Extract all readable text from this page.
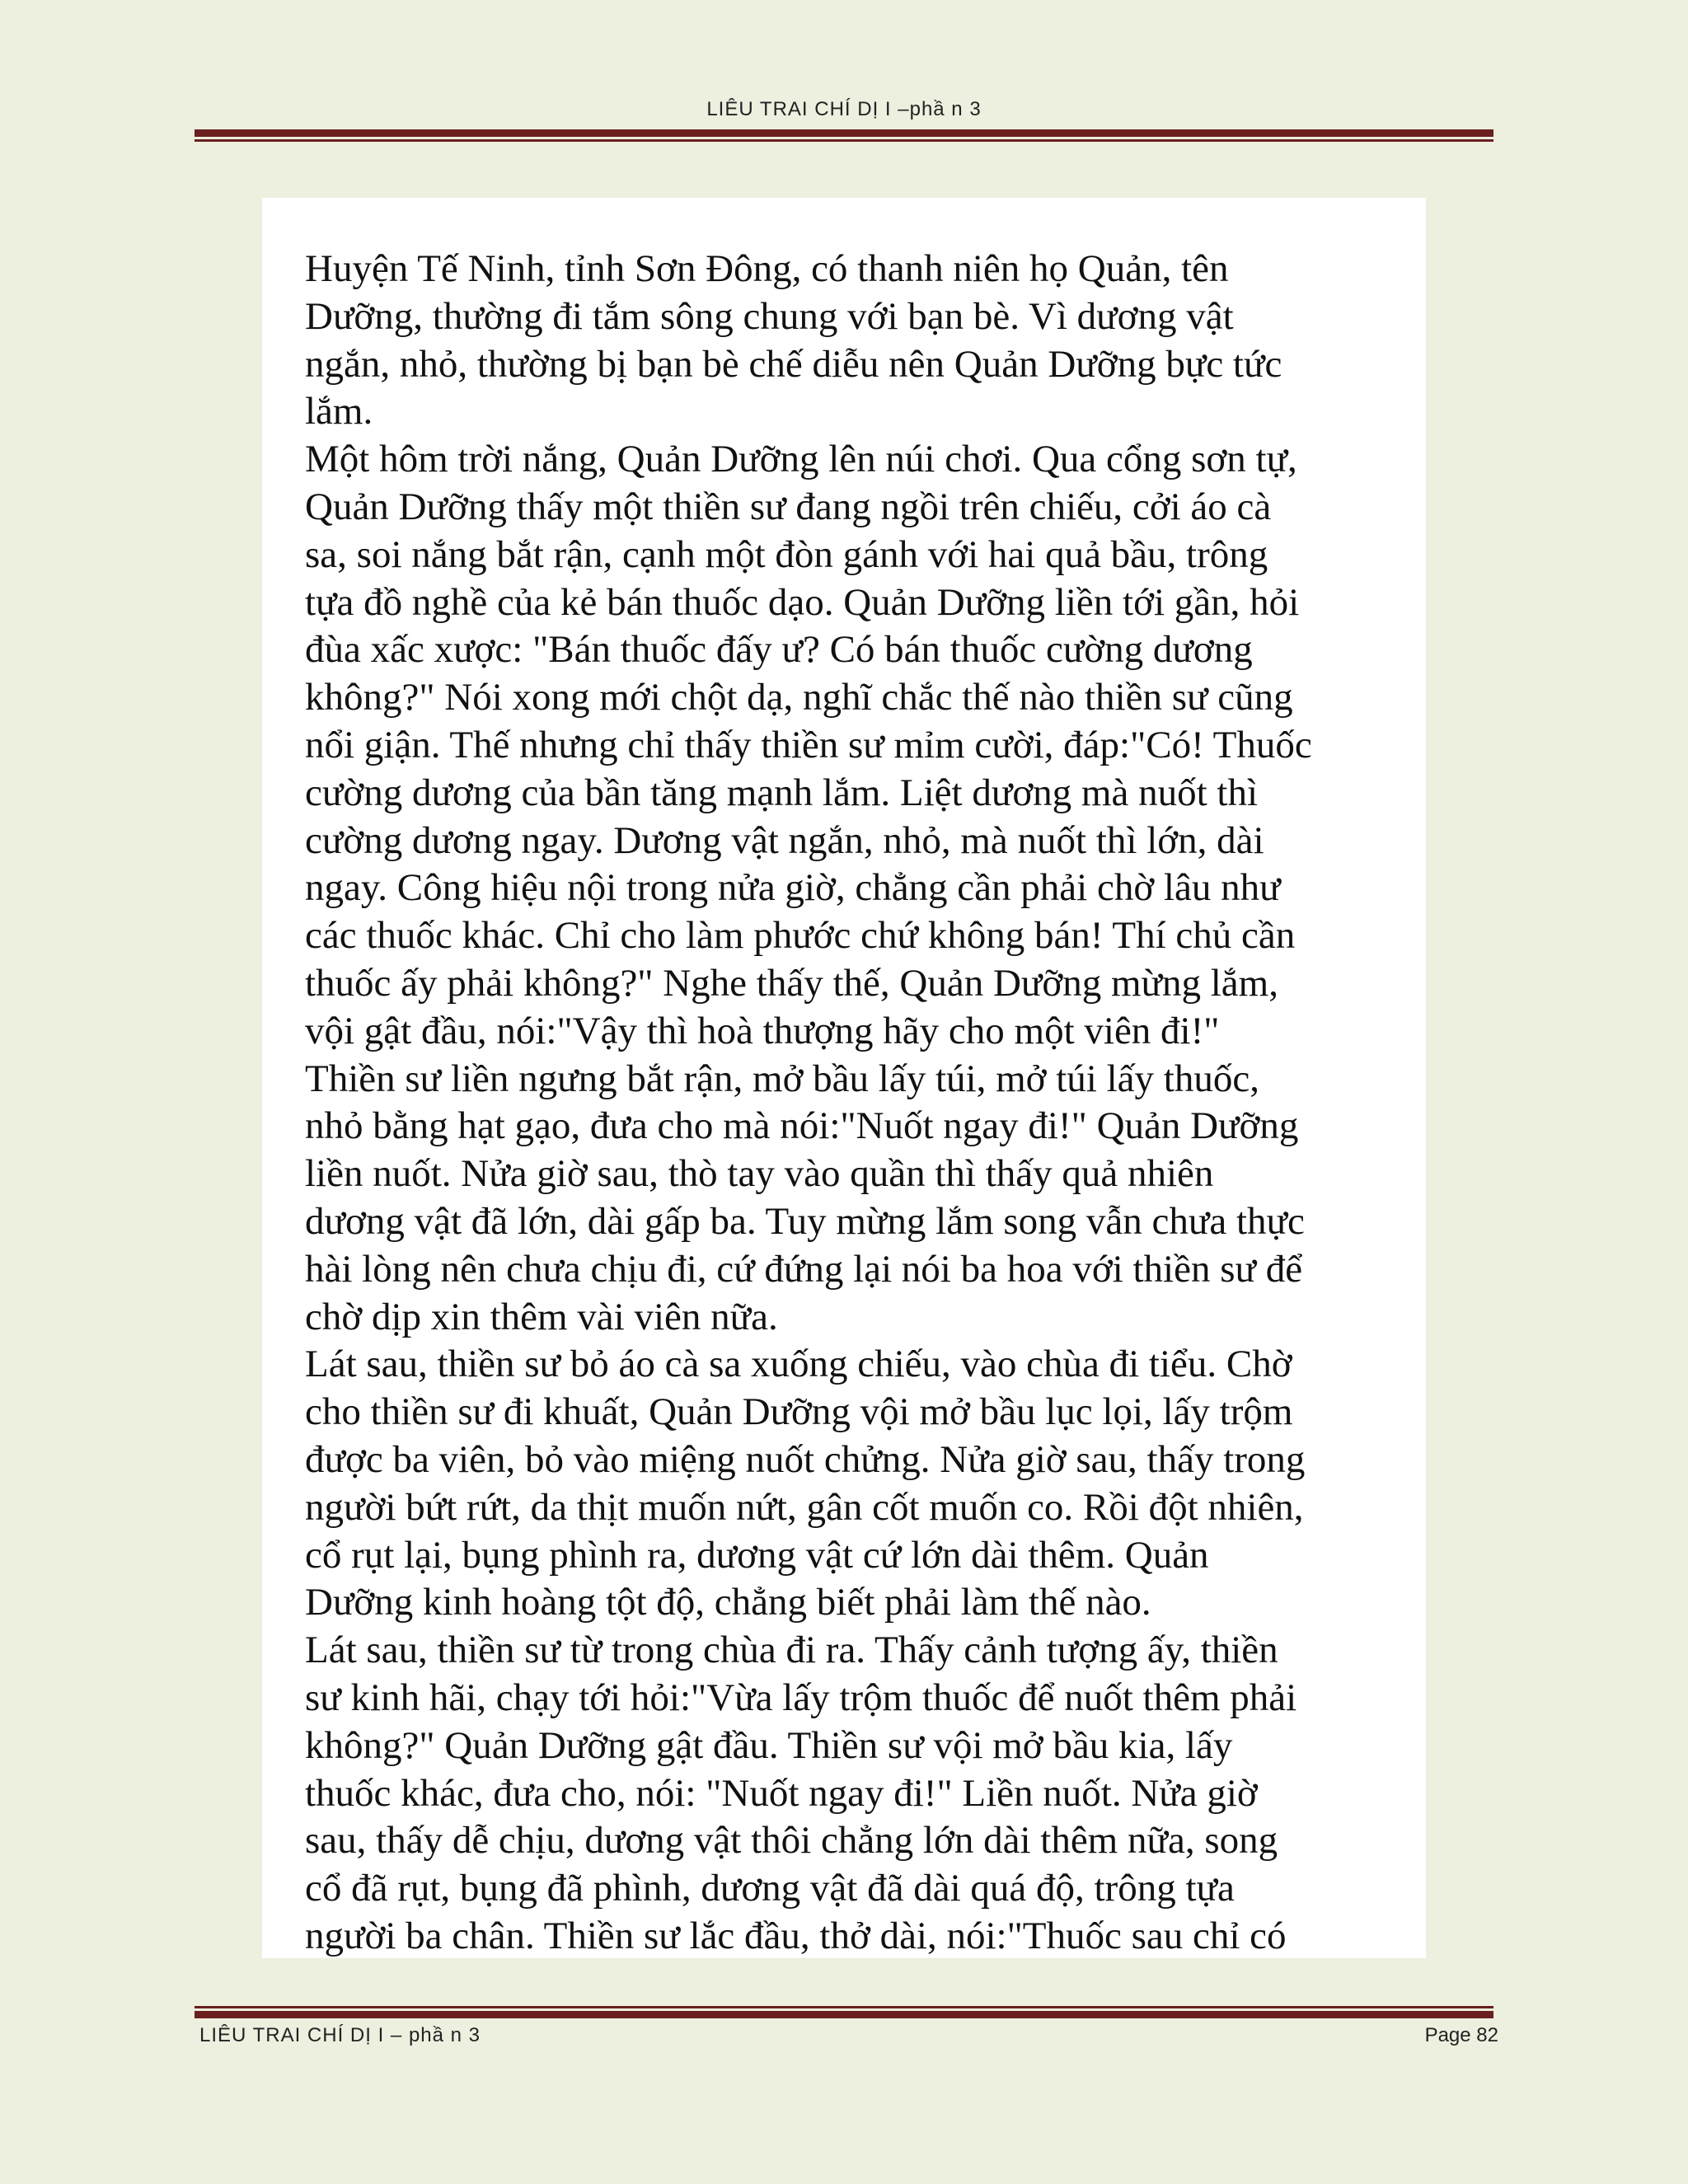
LIÊU TRAI CHÍ DỊ I –phầ n 3
Huyện Tế Ninh, tỉnh Sơn Đông, có thanh niên họ Quản, tên
Dưỡng, thường đi tắm sông chung với bạn bè. Vì dương vật
ngắn, nhỏ, thường bị bạn bè chế diễu nên Quản Dưỡng bực tức
lắm.
Một hôm trời nắng, Quản Dưỡng lên núi chơi. Qua cổng sơn tự,
Quản Dưỡng thấy một thiền sư đang ngồi trên chiếu, cởi áo cà
sa, soi nắng bắt rận, cạnh một đòn gánh với hai quả bầu, trông
tựa đồ nghề của kẻ bán thuốc dạo. Quản Dưỡng liền tới gần, hỏi
đùa xấc xược: "Bán thuốc đấy ư? Có bán thuốc cường dương
không?" Nói xong mới chột dạ, nghĩ chắc thế nào thiền sư cũng
nổi giận. Thế nhưng chỉ thấy thiền sư mỉm cười, đáp:"Có! Thuốc
cường dương của bần tăng mạnh lắm. Liệt dương mà nuốt thì
cường dương ngay. Dương vật ngắn, nhỏ, mà nuốt thì lớn, dài
ngay. Công hiệu nội trong nửa giờ, chẳng cần phải chờ lâu như
các thuốc khác. Chỉ cho làm phước chứ không bán! Thí chủ cần
thuốc ấy phải không?" Nghe thấy thế, Quản Dưỡng mừng lắm,
vội gật đầu, nói:"Vậy thì hoà thượng hãy cho một viên đi!"
Thiền sư liền ngưng bắt rận, mở bầu lấy túi, mở túi lấy thuốc,
nhỏ bằng hạt gạo, đưa cho mà nói:"Nuốt ngay đi!" Quản Dưỡng
liền nuốt. Nửa giờ sau, thò tay vào quần thì thấy quả nhiên
dương vật đã lớn, dài gấp ba. Tuy mừng lắm song vẫn chưa thực
hài lòng nên chưa chịu đi, cứ đứng lại nói ba hoa với thiền sư để
chờ dịp xin thêm vài viên nữa.
Lát sau, thiền sư bỏ áo cà sa xuống chiếu, vào chùa đi tiểu. Chờ
cho thiền sư đi khuất, Quản Dưỡng vội mở bầu lục lọi, lấy trộm
được ba viên, bỏ vào miệng nuốt chửng. Nửa giờ sau, thấy trong
người bứt rứt, da thịt muốn nứt, gân cốt muốn co. Rồi đột nhiên,
cổ rụt lại, bụng phình ra, dương vật cứ lớn dài thêm. Quản
Dưỡng kinh hoàng tột độ, chẳng biết phải làm thế nào.
Lát sau, thiền sư từ trong chùa đi ra. Thấy cảnh tượng ấy, thiền
sư kinh hãi, chạy tới hỏi:"Vừa lấy trộm thuốc để nuốt thêm phải
không?" Quản Dưỡng gật đầu. Thiền sư vội mở bầu kia, lấy
thuốc khác, đưa cho, nói: "Nuốt ngay đi!" Liền nuốt. Nửa giờ
sau, thấy dễ chịu, dương vật thôi chẳng lớn dài thêm nữa, song
cổ đã rụt, bụng đã phình, dương vật đã dài quá độ, trông tựa
người ba chân. Thiền sư lắc đầu, thở dài, nói:"Thuốc sau chỉ có
LIÊU TRAI CHÍ DỊ I – phầ n 3	Page 82
